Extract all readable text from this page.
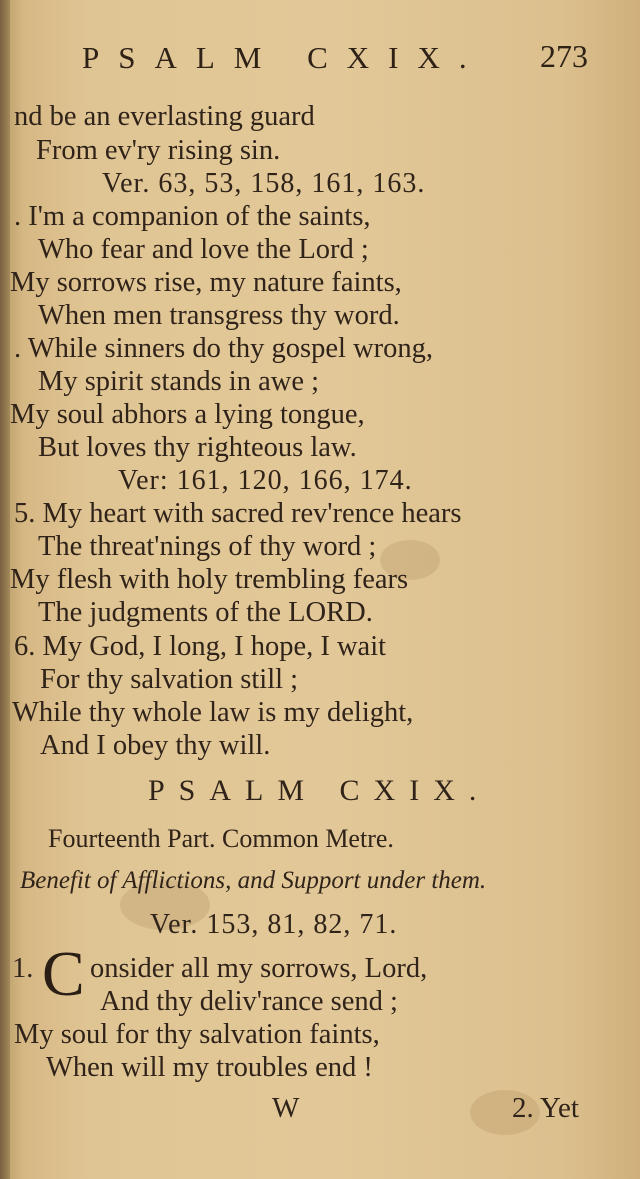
PSALM CXIX. 273
nd be an everlasting guard
From ev'ry rising sin.
Ver. 63, 53, 158, 161, 163.
. I'm a companion of the saints,
Who fear and love the Lord ;
My sorrows rise, my nature faints,
When men transgress thy word.
. While sinners do thy gospel wrong,
My spirit stands in awe ;
My soul abhors a lying tongue,
But loves thy righteous law.
Ver: 161, 120, 166, 174.
5. My heart with sacred rev'rence hears
The threat'nings of thy word ;
My flesh with holy trembling fears
The judgments of the LORD.
6. My God, I long, I hope, I wait
For thy salvation still ;
While thy whole law is my delight,
And I obey thy will.
PSALM CXIX.
Fourteenth Part. Common Metre.
Benefit of Afflictions, and Support under them.
Ver. 153, 81, 82, 71.
1. C onsider all my sorrows, Lord,
And thy deliv'rance send ;
My soul for thy salvation faints,
When will my troubles end !
W	2. Yet
